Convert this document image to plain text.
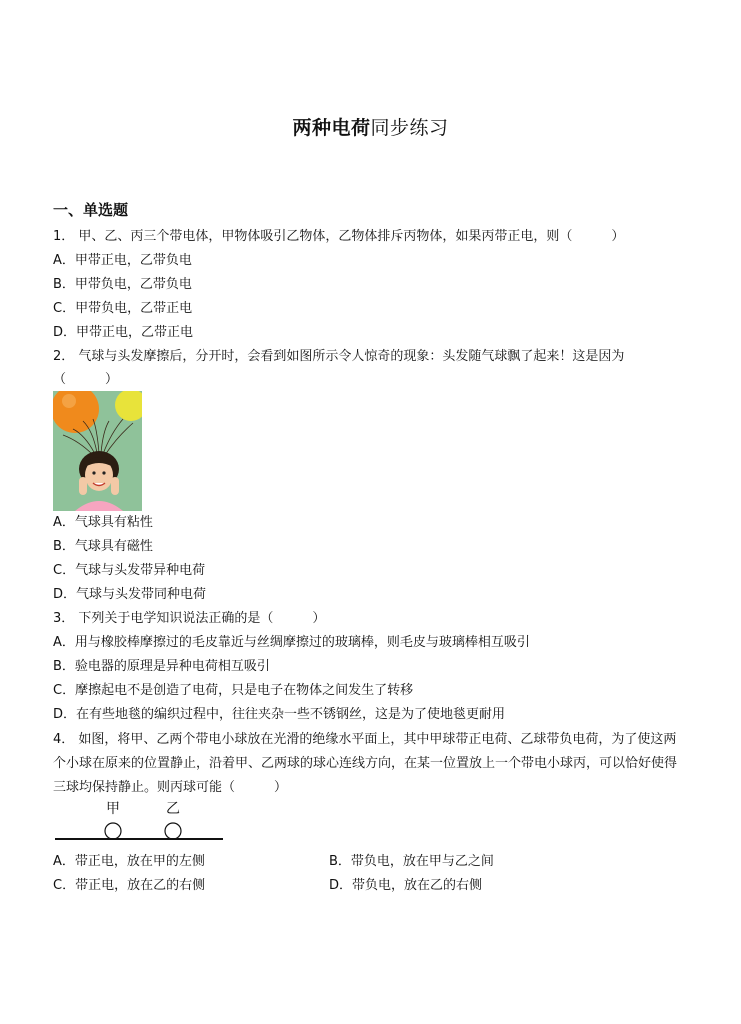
两种电荷同步练习
一、单选题
1． 甲、乙、丙三个带电体，甲物体吸引乙物体，乙物体排斥丙物体，如果丙带正电，则（　　　）
A．甲带正电，乙带负电
B．甲带负电，乙带负电
C．甲带负电，乙带正电
D．甲带正电，乙带正电
2． 气球与头发摩擦后，分开时，会看到如图所示令人惊奇的现象：头发随气球飘了起来！这是因为
（　　　）
A．气球具有粘性
B．气球具有磁性
C．气球与头发带异种电荷
D．气球与头发带同种电荷
3． 下列关于电学知识说法正确的是（　　　）
A．用与橡胶棒摩擦过的毛皮靠近与丝绸摩擦过的玻璃棒，则毛皮与玻璃棒相互吸引
B．验电器的原理是异种电荷相互吸引
C．摩擦起电不是创造了电荷，只是电子在物体之间发生了转移
D．在有些地毯的编织过程中，往往夹杂一些不锈钢丝，这是为了使地毯更耐用
4． 如图，将甲、乙两个带电小球放在光滑的绝缘水平面上，其中甲球带正电荷、乙球带负电荷，为了使这两
个小球在原来的位置静止，沿着甲、乙两球的球心连线方向，在某一位置放上一个带电小球丙，可以恰好使得
三球均保持静止。则丙球可能（　　　）
甲	乙
A．带正电，放在甲的左侧	B．带负电，放在甲与乙之间
C．带正电，放在乙的右侧	D．带负电，放在乙的右侧
